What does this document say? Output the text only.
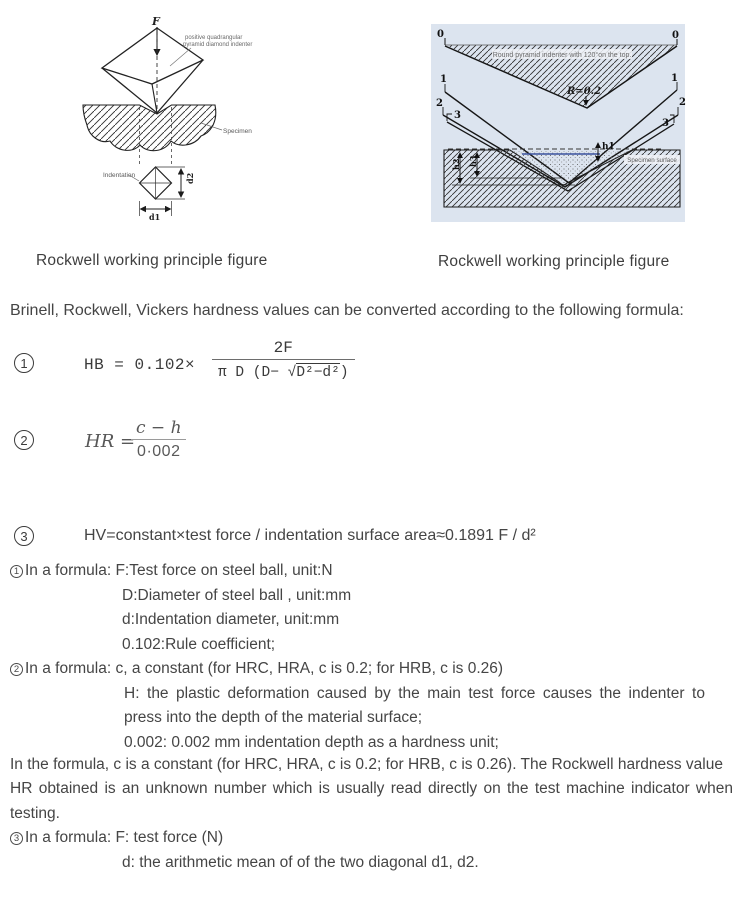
F
positive quadrangular
pyramid diamond indenter
Specimen
Indentation
d1
d2
0	0
Round pyramid indenter with 120°on the top.
R=0.2
1	1
2	2
3
3
Specimen surface
h1
h2 h3
Rockwell working principle figure	Rockwell working principle figure
Brinell, Rockwell, Vickers hardness values can be converted according to the following formula:
1	HB = $0.102\times \frac{2F}{\text{π D (D− √D²−d²)}}$
2	HR =
$\frac{c - h}{0\cdot 002}$
3	HV=constant×test force / indentation surface area≈0.1891 F / d²
1 In a formula: F:Test force on steel ball, unit:N
D:Diameter of steel ball , unit:mm
d:Indentation diameter, unit:mm
0.102:Rule coefficient;
2 In a formula: c, a constant (for HRC, HRA, c is 0.2; for HRB, c is 0.26)
H: the plastic deformation caused by the main test force causes the indenter to
press into the depth of the material surface;
0.002: 0.002 mm indentation depth as a hardness unit;
In the formula, c is a constant (for HRC, HRA, c is 0.2; for HRB, c is 0.26). The Rockwell hardness value
HR obtained is an unknown number which is usually read directly on the test machine indicator when
testing.
3 In a formula: F: test force (N)
d: the arithmetic mean of of the two diagonal d1, d2.
